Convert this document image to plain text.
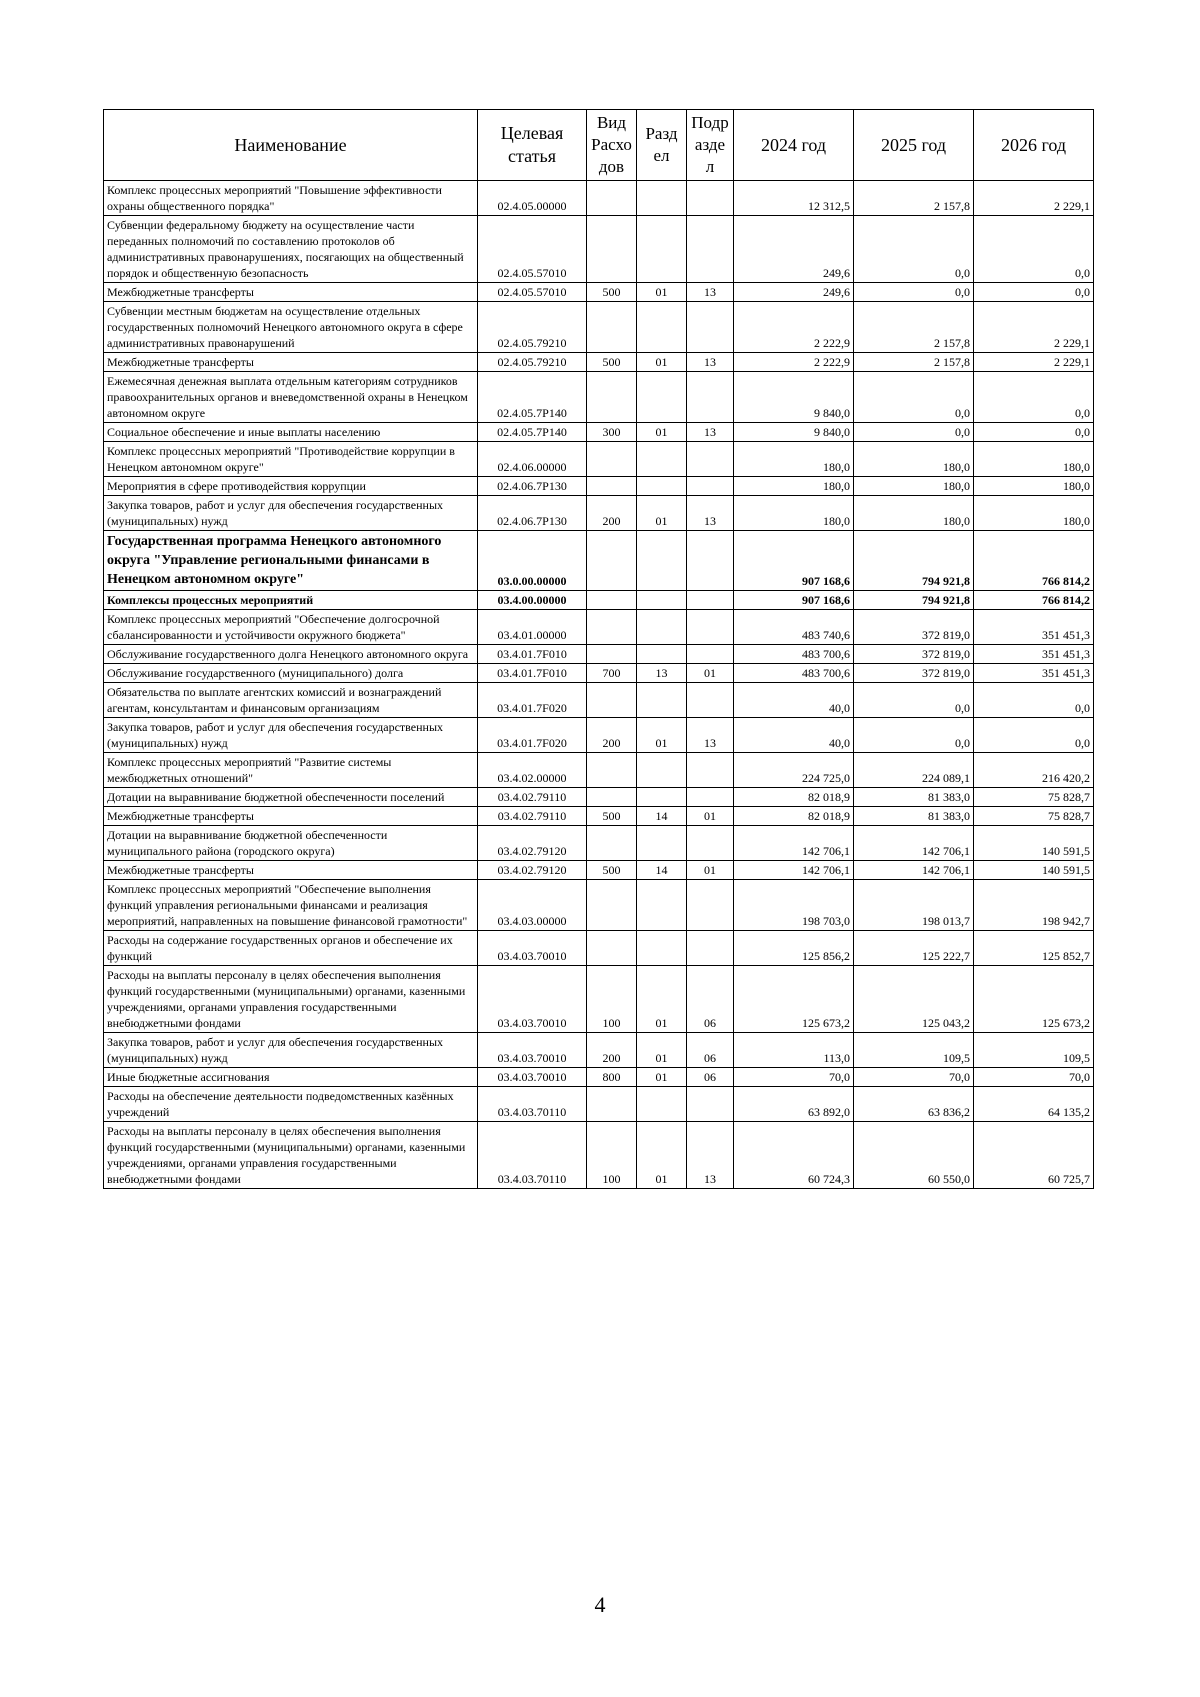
Наименование	Целевая статья	Вид Расхо дов	Разд ел	Подр азде л	2024 год	2025 год	2026 год
Комплекс процессных мероприятий "Повышение эффективности охраны общественного порядка"	02.4.05.00000				12 312,5	2 157,8	2 229,1
Субвенции федеральному бюджету на осуществление части переданных полномочий по составлению протоколов об административных правонарушениях, посягающих на общественный порядок и общественную безопасность	02.4.05.57010				249,6	0,0	0,0
Межбюджетные трансферты	02.4.05.57010	500	01	13	249,6	0,0	0,0
Субвенции местным бюджетам на осуществление отдельных государственных полномочий Ненецкого автономного округа в сфере административных правонарушений	02.4.05.79210				2 222,9	2 157,8	2 229,1
Межбюджетные трансферты	02.4.05.79210	500	01	13	2 222,9	2 157,8	2 229,1
Ежемесячная денежная выплата отдельным категориям сотрудников правоохранительных органов и вневедомственной охраны в Ненецком автономном округе	02.4.05.7P140				9 840,0	0,0	0,0
Социальное обеспечение и иные выплаты населению	02.4.05.7P140	300	01	13	9 840,0	0,0	0,0
Комплекс процессных мероприятий "Противодействие коррупции в Ненецком автономном округе"	02.4.06.00000				180,0	180,0	180,0
Мероприятия в сфере противодействия коррупции	02.4.06.7P130				180,0	180,0	180,0
Закупка товаров, работ и услуг для обеспечения государственных (муниципальных) нужд	02.4.06.7P130	200	01	13	180,0	180,0	180,0
Государственная программа Ненецкого автономного округа "Управление региональными финансами в Ненецком автономном округе"	03.0.00.00000				907 168,6	794 921,8	766 814,2
Комплексы процессных мероприятий	03.4.00.00000				907 168,6	794 921,8	766 814,2
Комплекс процессных мероприятий "Обеспечение долгосрочной сбалансированности и устойчивости окружного бюджета"	03.4.01.00000				483 740,6	372 819,0	351 451,3
Обслуживание государственного долга Ненецкого автономного округа	03.4.01.7F010				483 700,6	372 819,0	351 451,3
Обслуживание государственного (муниципального) долга	03.4.01.7F010	700	13	01	483 700,6	372 819,0	351 451,3
Обязательства по выплате агентских комиссий и вознаграждений агентам, консультантам и финансовым организациям	03.4.01.7F020				40,0	0,0	0,0
Закупка товаров, работ и услуг для обеспечения государственных (муниципальных) нужд	03.4.01.7F020	200	01	13	40,0	0,0	0,0
Комплекс процессных мероприятий "Развитие системы межбюджетных отношений"	03.4.02.00000				224 725,0	224 089,1	216 420,2
Дотации на выравнивание бюджетной обеспеченности поселений	03.4.02.79110				82 018,9	81 383,0	75 828,7
Межбюджетные трансферты	03.4.02.79110	500	14	01	82 018,9	81 383,0	75 828,7
Дотации на выравнивание бюджетной обеспеченности муниципального района (городского округа)	03.4.02.79120				142 706,1	142 706,1	140 591,5
Межбюджетные трансферты	03.4.02.79120	500	14	01	142 706,1	142 706,1	140 591,5
Комплекс процессных мероприятий "Обеспечение выполнения функций управления региональными финансами и реализация мероприятий, направленных на повышение финансовой грамотности"	03.4.03.00000				198 703,0	198 013,7	198 942,7
Расходы на содержание государственных органов и обеспечение их функций	03.4.03.70010				125 856,2	125 222,7	125 852,7
Расходы на выплаты персоналу в целях обеспечения выполнения функций государственными (муниципальными) органами, казенными учреждениями, органами управления государственными внебюджетными фондами	03.4.03.70010	100	01	06	125 673,2	125 043,2	125 673,2
Закупка товаров, работ и услуг для обеспечения государственных (муниципальных) нужд	03.4.03.70010	200	01	06	113,0	109,5	109,5
Иные бюджетные ассигнования	03.4.03.70010	800	01	06	70,0	70,0	70,0
Расходы на обеспечение деятельности подведомственных казённых учреждений	03.4.03.70110				63 892,0	63 836,2	64 135,2
Расходы на выплаты персоналу в целях обеспечения выполнения функций государственными (муниципальными) органами, казенными учреждениями, органами управления государственными внебюджетными фондами	03.4.03.70110	100	01	13	60 724,3	60 550,0	60 725,7
4
